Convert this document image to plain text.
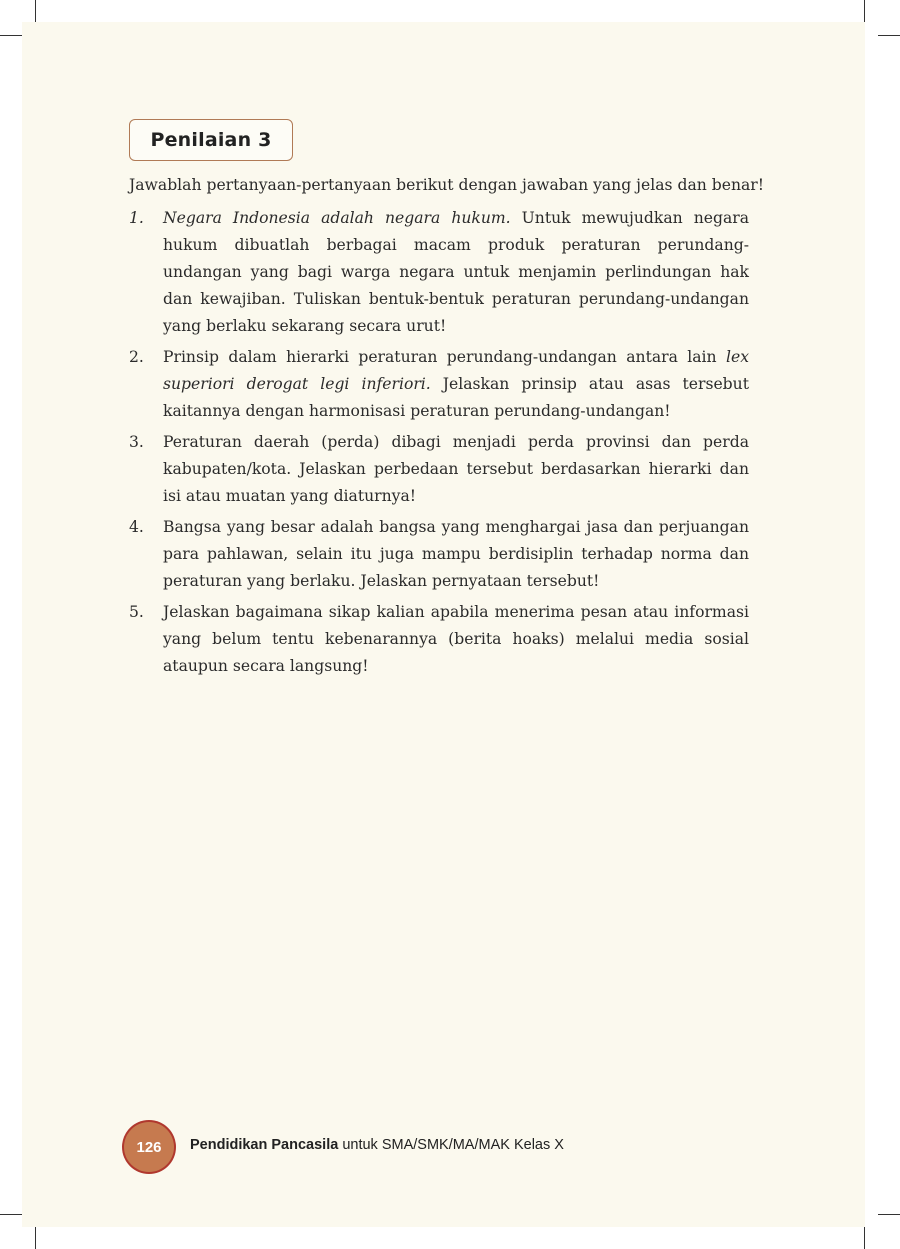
Penilaian 3
Jawablah pertanyaan-pertanyaan berikut dengan jawaban yang jelas dan benar!
1. Negara Indonesia adalah negara hukum. Untuk mewujudkan negara hukum dibuatlah berbagai macam produk peraturan perundang-undangan yang bagi warga negara untuk menjamin perlindungan hak dan kewajiban. Tuliskan bentuk-bentuk peraturan perundang-undangan yang berlaku sekarang secara urut!
2. Prinsip dalam hierarki peraturan perundang-undangan antara lain lex superiori derogat legi inferiori. Jelaskan prinsip atau asas tersebut kaitannya dengan harmonisasi peraturan perundang-undangan!
3. Peraturan daerah (perda) dibagi menjadi perda provinsi dan perda kabupaten/kota. Jelaskan perbedaan tersebut berdasarkan hierarki dan isi atau muatan yang diaturnya!
4. Bangsa yang besar adalah bangsa yang menghargai jasa dan perjuangan para pahlawan, selain itu juga mampu berdisiplin terhadap norma dan peraturan yang berlaku. Jelaskan pernyataan tersebut!
5. Jelaskan bagaimana sikap kalian apabila menerima pesan atau informasi yang belum tentu kebenarannya (berita hoaks) melalui media sosial ataupun secara langsung!
126 Pendidikan Pancasila untuk SMA/SMK/MA/MAK Kelas X
